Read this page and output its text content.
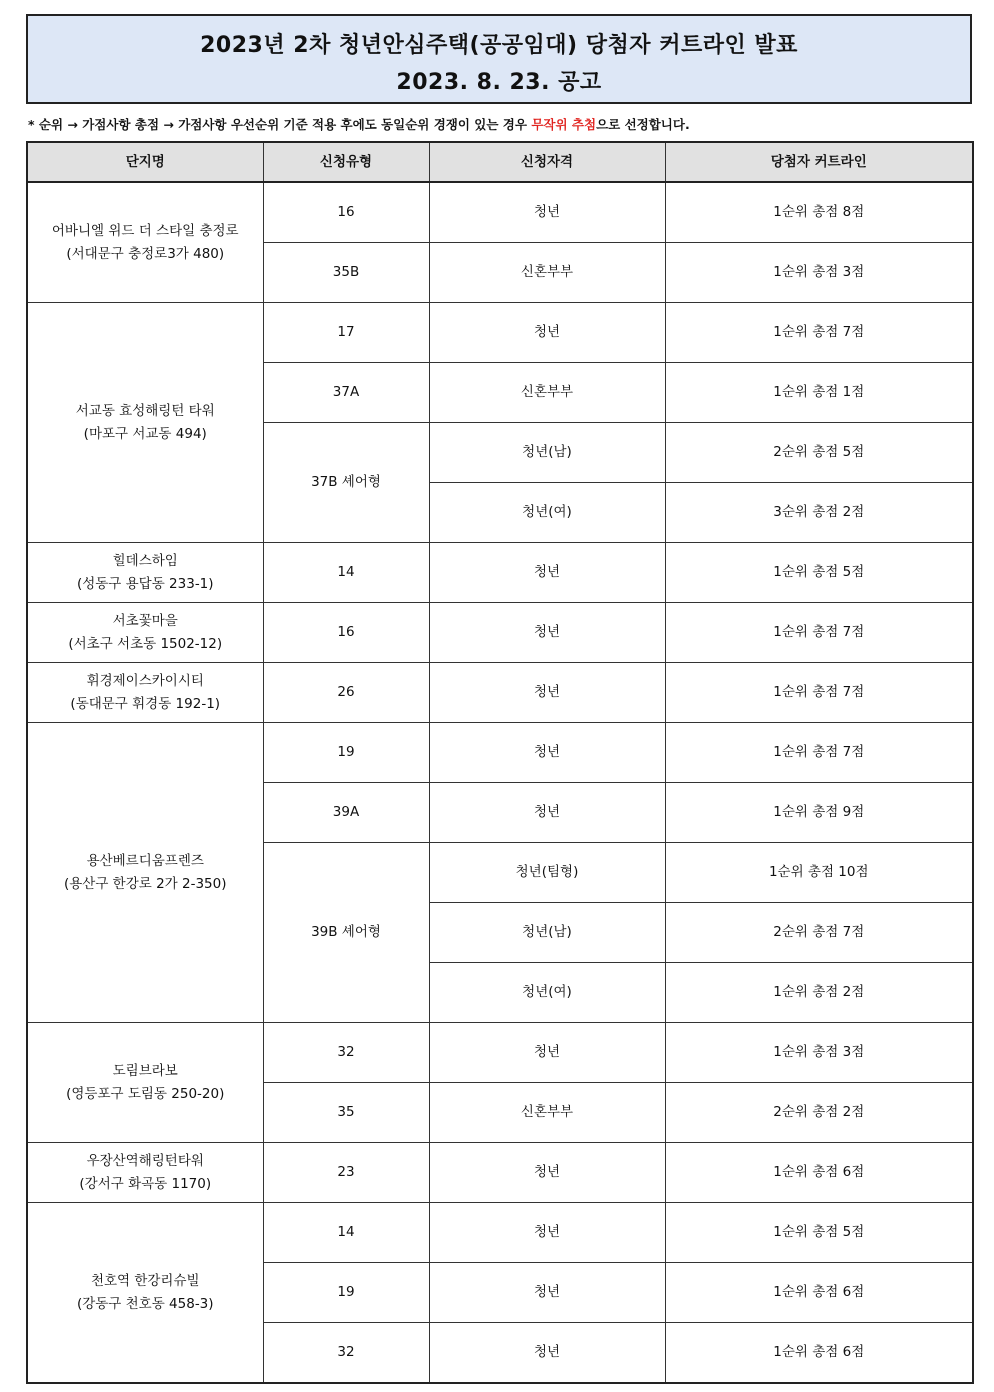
2023년 2차 청년안심주택(공공임대) 당첨자 커트라인 발표
2023. 8. 23. 공고
* 순위 → 가점사항 총점 → 가점사항 우선순위 기준 적용 후에도 동일순위 경쟁이 있는 경우 무작위 추첨으로 선정합니다.
단지명	신청유형	신청자격	당첨자 커트라인

어바니엘 위드 더 스타일 충정로
(서대문구 충정로3가 480)	16	청년	1순위 총점 8점
	35B	신혼부부	1순위 총점 3점

서교동 효성해링턴 타워
(마포구 서교동 494)	17	청년	1순위 총점 7점
	37A	신혼부부	1순위 총점 1점
	37B 셰어형	청년(남)	2순위 총점 5점
		청년(여)	3순위 총점 2점

힐데스하임
(성동구 용답동 233-1)	14	청년	1순위 총점 5점

서초꽃마을
(서초구 서초동 1502-12)	16	청년	1순위 총점 7점

휘경제이스카이시티
(동대문구 휘경동 192-1)	26	청년	1순위 총점 7점

용산베르디움프렌즈
(용산구 한강로 2가 2-350)	19	청년	1순위 총점 7점
	39A	청년	1순위 총점 9점
	39B 셰어형	청년(팀형)	1순위 총점 10점
		청년(남)	2순위 총점 7점
		청년(여)	1순위 총점 2점

도림브라보
(영등포구 도림동 250-20)	32	청년	1순위 총점 3점
	35	신혼부부	2순위 총점 2점

우장산역해링턴타워
(강서구 화곡동 1170)	23	청년	1순위 총점 6점

천호역 한강리슈빌
(강동구 천호동 458-3)	14	청년	1순위 총점 5점
	19	청년	1순위 총점 6점
	32	청년	1순위 총점 6점
